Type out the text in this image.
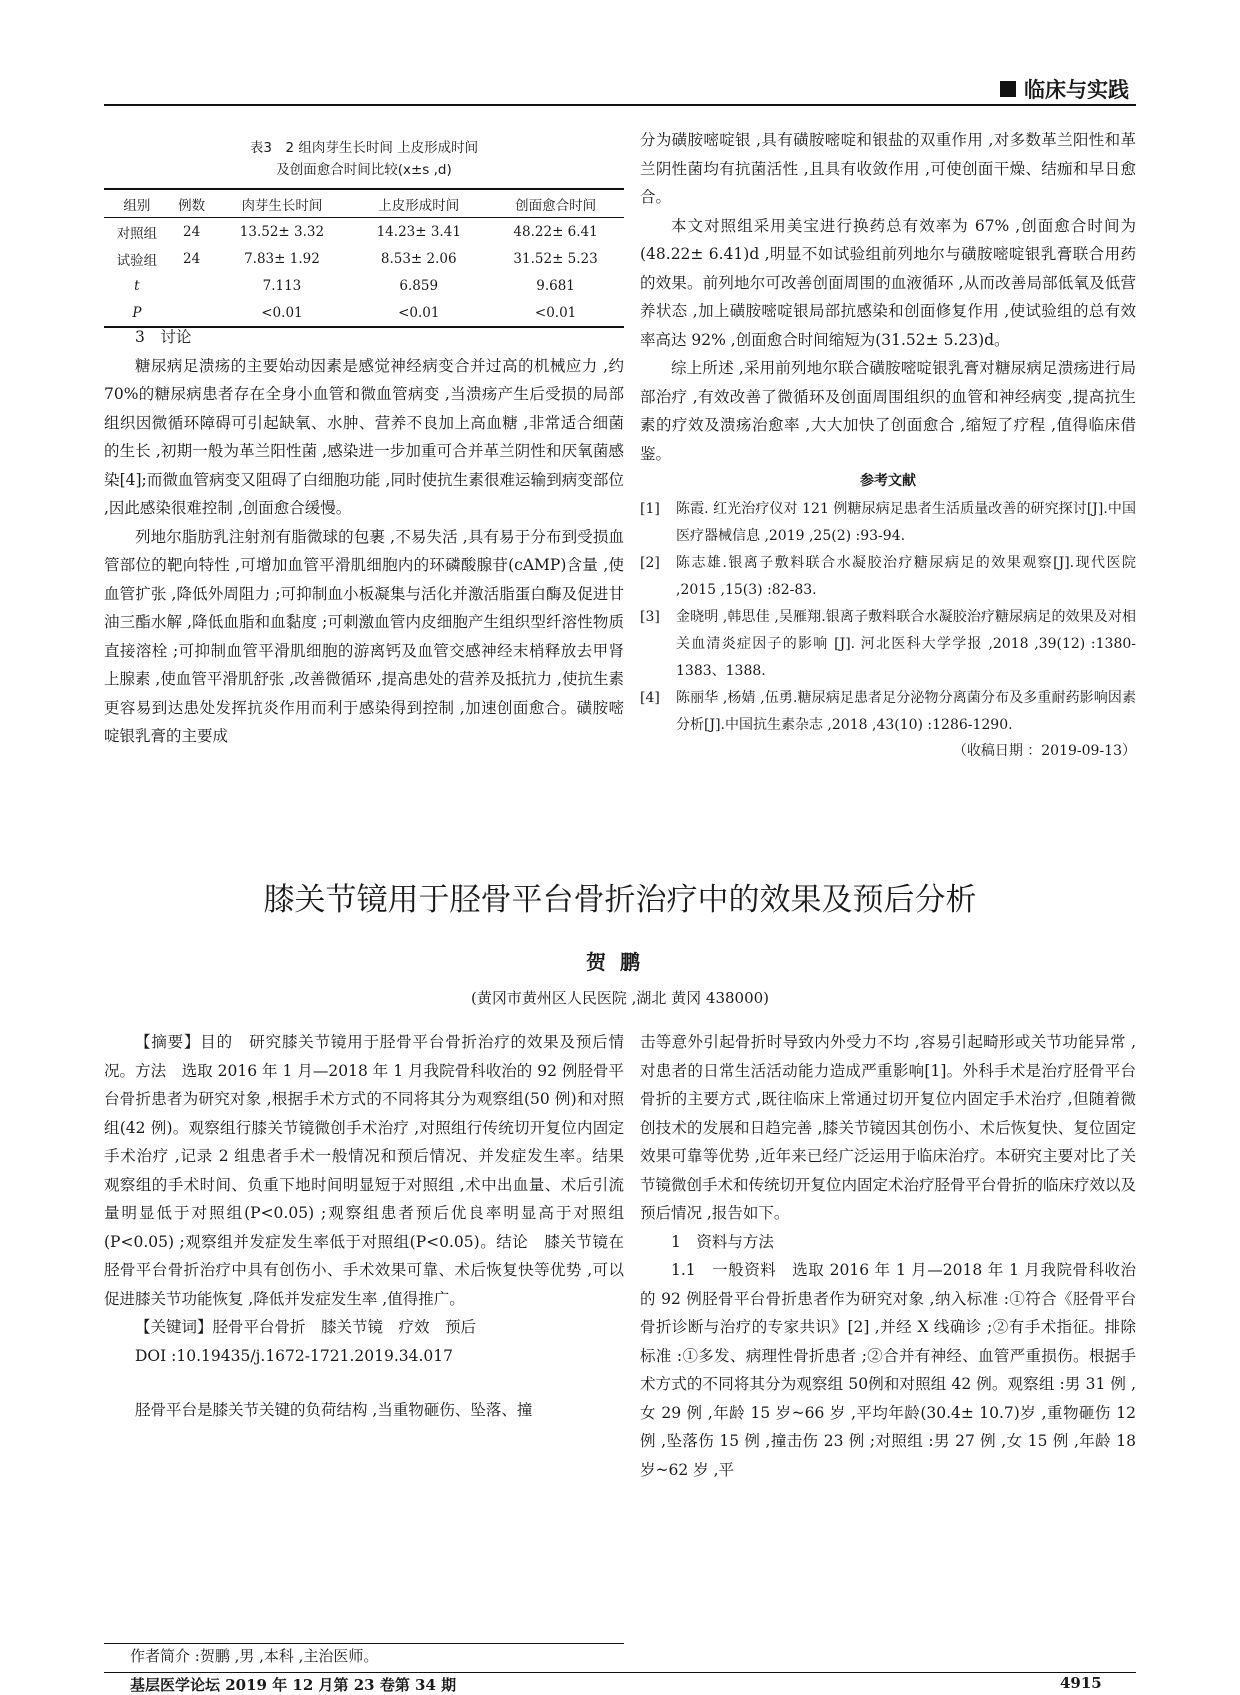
临床与实践
表3　2 组肉芽生长时间 上皮形成时间
及创面愈合时间比较(x±s ,d)
组别	例数	肉芽生长时间	上皮形成时间	创面愈合时间
对照组	24	13.52± 3.32	14.23± 3.41	48.22± 6.41
试验组	24	7.83± 1.92	8.53± 2.06	31.52± 5.23
t		7.113	6.859	9.681
P		<0.01	<0.01	<0.01
3　讨论

糖尿病足溃疡的主要始动因素是感觉神经病变合并过高的机械应力 ,约 70%的糖尿病患者存在全身小血管和微血管病变 ,当溃疡产生后受损的局部组织因微循环障碍可引起缺氧、水肿、营养不良加上高血糖 ,非常适合细菌的生长 ,初期一般为革兰阳性菌 ,感染进一步加重可合并革兰阴性和厌氧菌感染[4];而微血管病变又阻碍了白细胞功能 ,同时使抗生素很难运输到病变部位 ,因此感染很难控制 ,创面愈合缓慢。

列地尔脂肪乳注射剂有脂微球的包裹 ,不易失活 ,具有易于分布到受损血管部位的靶向特性 ,可增加血管平滑肌细胞内的环磷酸腺苷(cAMP)含量 ,使血管扩张 ,降低外周阻力 ;可抑制血小板凝集与活化并激活脂蛋白酶及促进甘油三酯水解 ,降低血脂和血黏度 ;可刺激血管内皮细胞产生组织型纤溶性物质直接溶栓 ;可抑制血管平滑肌细胞的游离钙及血管交感神经末梢释放去甲肾上腺素 ,使血管平滑肌舒张 ,改善微循环 ,提高患处的营养及抵抗力 ,使抗生素更容易到达患处发挥抗炎作用而利于感染得到控制 ,加速创面愈合。磺胺嘧啶银乳膏的主要成

分为磺胺嘧啶银 ,具有磺胺嘧啶和银盐的双重作用 ,对多数革兰阳性和革兰阴性菌均有抗菌活性 ,且具有收敛作用 ,可使创面干燥、结痂和早日愈合。

本文对照组采用美宝进行换药总有效率为 67% ,创面愈合时间为(48.22± 6.41)d ,明显不如试验组前列地尔与磺胺嘧啶银乳膏联合用药的效果。前列地尔可改善创面周围的血液循环 ,从而改善局部低氧及低营养状态 ,加上磺胺嘧啶银局部抗感染和创面修复作用 ,使试验组的总有效率高达 92% ,创面愈合时间缩短为(31.52± 5.23)d。

综上所述 ,采用前列地尔联合磺胺嘧啶银乳膏对糖尿病足溃疡进行局部治疗 ,有效改善了微循环及创面周围组织的血管和神经病变 ,提高抗生素的疗效及溃疡治愈率 ,大大加快了创面愈合 ,缩短了疗程 ,值得临床借鉴。

参考文献
[1]	陈霞. 红光治疗仪对 121 例糖尿病足患者生活质量改善的研究探讨[J].中国医疗器械信息 ,2019 ,25(2) :93-94.
[2]	陈志雄.银离子敷料联合水凝胶治疗糖尿病足的效果观察[J].现代医院 ,2015 ,15(3) :82-83.
[3]	金晓明 ,韩思佳 ,吴雁翔.银离子敷料联合水凝胶治疗糖尿病足的效果及对相关血清炎症因子的影响 [J]. 河北医科大学学报 ,2018 ,39(12) :1380-1383、1388.
[4]	陈丽华 ,杨婧 ,伍勇.糖尿病足患者足分泌物分离菌分布及多重耐药影响因素分析[J].中国抗生素杂志 ,2018 ,43(10) :1286-1290.
（收稿日期 ：2019-09-13）
膝关节镜用于胫骨平台骨折治疗中的效果及预后分析
贺鹏
(黄冈市黄州区人民医院 ,湖北 黄冈 438000)

【摘要】目的　研究膝关节镜用于胫骨平台骨折治疗的效果及预后情况。方法　选取 2016 年 1 月—2018 年 1 月我院骨科收治的 92 例胫骨平台骨折患者为研究对象 ,根据手术方式的不同将其分为观察组(50 例)和对照组(42 例)。观察组行膝关节镜微创手术治疗 ,对照组行传统切开复位内固定手术治疗 ,记录 2 组患者手术一般情况和预后情况、并发症发生率。结果　观察组的手术时间、负重下地时间明显短于对照组 ,术中出血量、术后引流量明显低于对照组(P<0.05) ;观察组患者预后优良率明显高于对照组(P<0.05) ;观察组并发症发生率低于对照组(P<0.05)。结论　膝关节镜在胫骨平台骨折治疗中具有创伤小、手术效果可靠、术后恢复快等优势 ,可以促进膝关节功能恢复 ,降低并发症发生率 ,值得推广。

【关键词】胫骨平台骨折　膝关节镜　疗效　预后

DOI :10.19435/j.1672-1721.2019.34.017

胫骨平台是膝关节关键的负荷结构 ,当重物砸伤、坠落、撞

击等意外引起骨折时导致内外受力不均 ,容易引起畸形或关节功能异常 ,对患者的日常生活活动能力造成严重影响[1]。外科手术是治疗胫骨平台骨折的主要方式 ,既往临床上常通过切开复位内固定手术治疗 ,但随着微创技术的发展和日趋完善 ,膝关节镜因其创伤小、术后恢复快、复位固定效果可靠等优势 ,近年来已经广泛运用于临床治疗。本研究主要对比了关节镜微创手术和传统切开复位内固定术治疗胫骨平台骨折的临床疗效以及预后情况 ,报告如下。

1　资料与方法

1.1　一般资料　选取 2016 年 1 月—2018 年 1 月我院骨科收治的 92 例胫骨平台骨折患者作为研究对象 ,纳入标准 :①符合《胫骨平台骨折诊断与治疗的专家共识》[2] ,并经 X 线确诊 ;②有手术指征。排除标准 :①多发、病理性骨折患者 ;②合并有神经、血管严重损伤。根据手术方式的不同将其分为观察组 50例和对照组 42 例。观察组 :男 31 例 ,女 29 例 ,年龄 15 岁~66 岁 ,平均年龄(30.4± 10.7)岁 ,重物砸伤 12 例 ,坠落伤 15 例 ,撞击伤 23 例 ;对照组 :男 27 例 ,女 15 例 ,年龄 18 岁~62 岁 ,平

作者简介 :贺鹏 ,男 ,本科 ,主治医师。
基层医学论坛 2019 年 12 月第 23 卷第 34 期	4915
